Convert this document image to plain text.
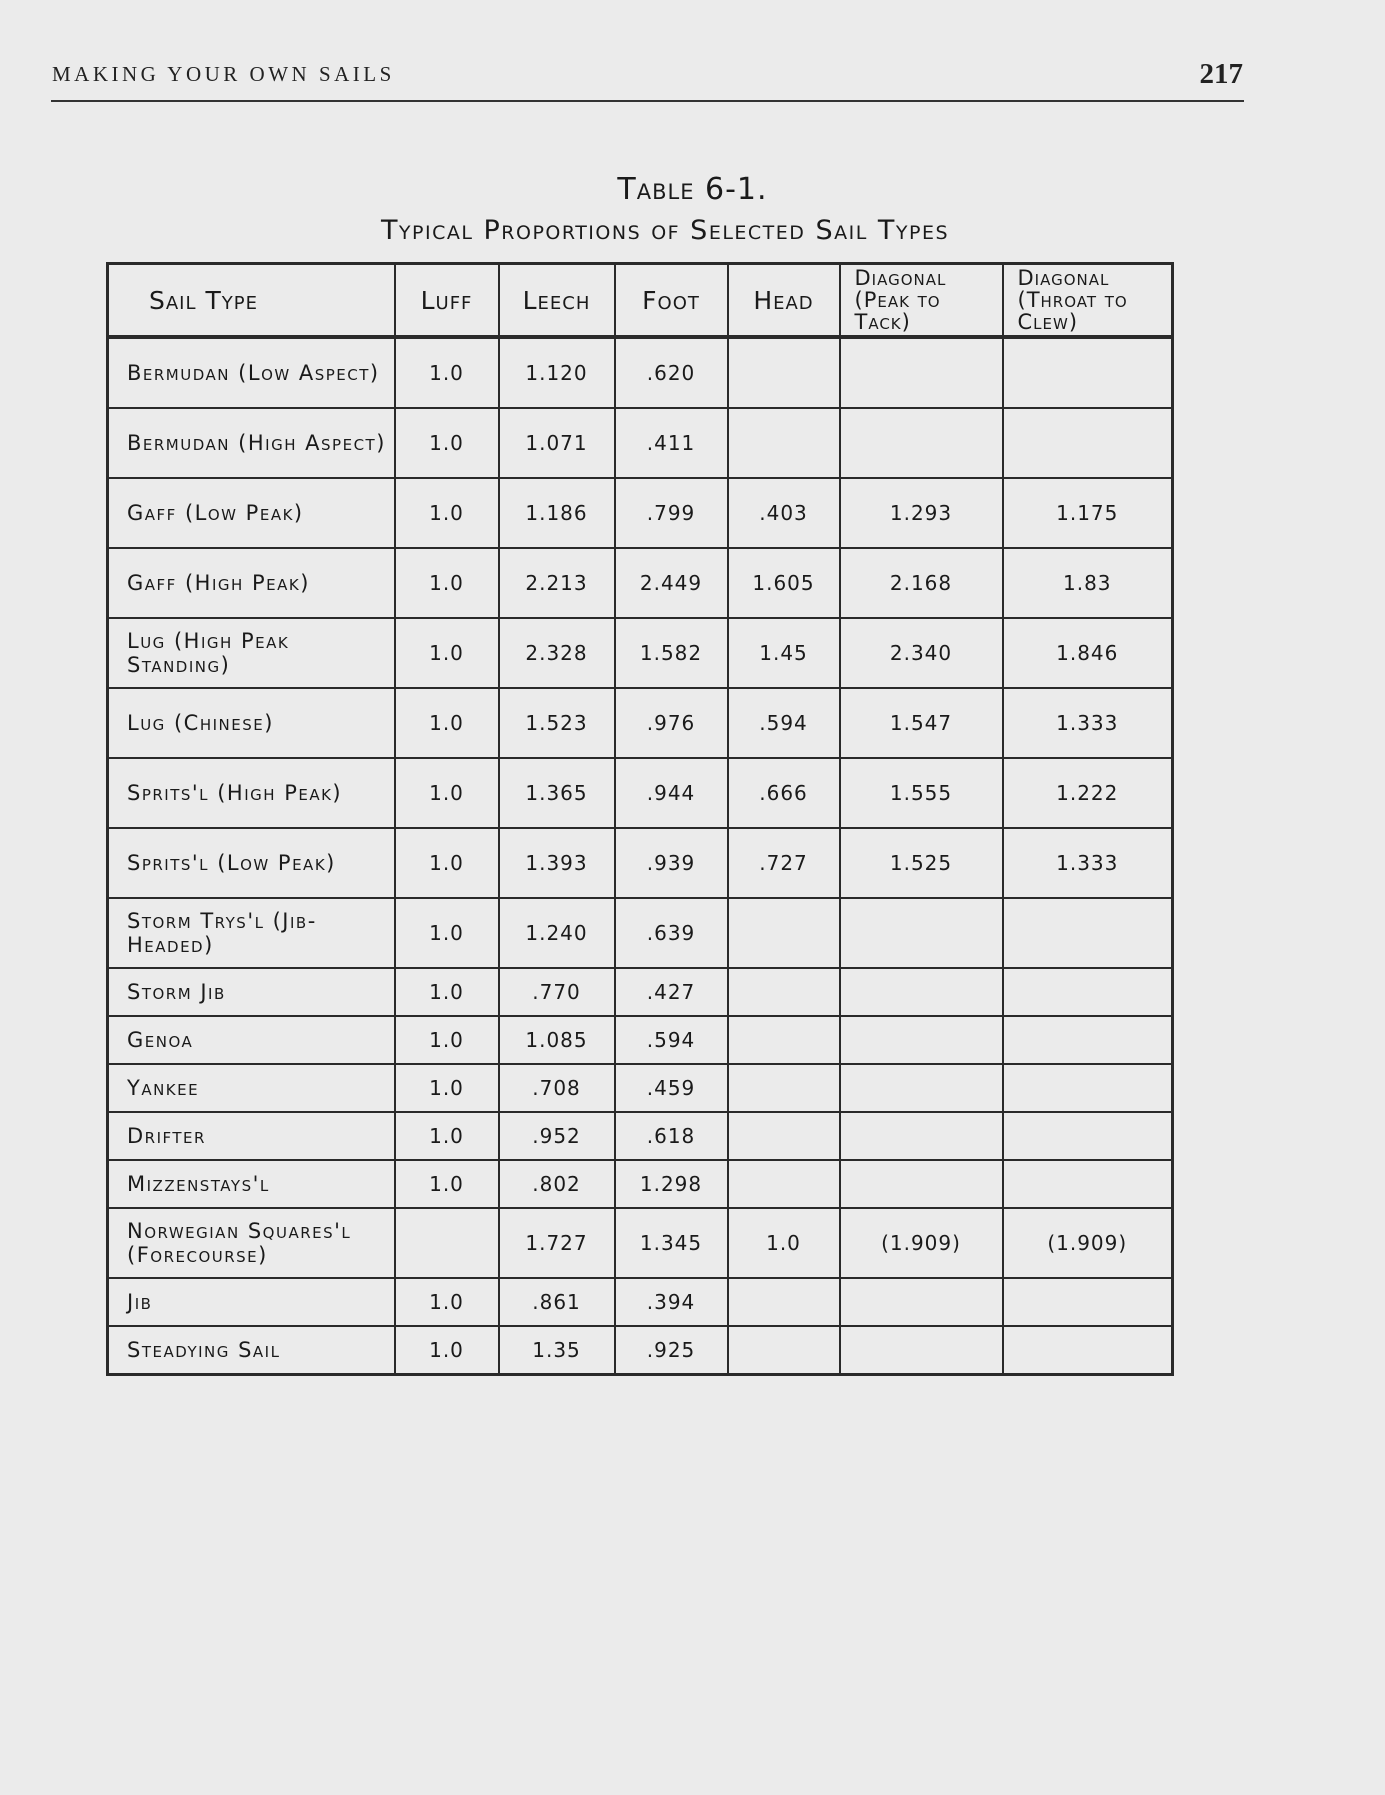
MAKING YOUR OWN SAILS	217
Table 6-1.
Typical Proportions of Selected Sail Types
Sail Type	Luff	Leech	Foot	Head	Diagonal (Peak to Tack)	Diagonal (Throat to Clew)
Bermudan (Low Aspect)	1.0	1.120	.620			
Bermudan (High Aspect)	1.0	1.071	.411			
Gaff (Low Peak)	1.0	1.186	.799	.403	1.293	1.175
Gaff (High Peak)	1.0	2.213	2.449	1.605	2.168	1.83
Lug (High Peak Standing)	1.0	2.328	1.582	1.45	2.340	1.846
Lug (Chinese)	1.0	1.523	.976	.594	1.547	1.333
Sprits'l (High Peak)	1.0	1.365	.944	.666	1.555	1.222
Sprits'l (Low Peak)	1.0	1.393	.939	.727	1.525	1.333
Storm Trys'l (Jib-Headed)	1.0	1.240	.639			
Storm Jib	1.0	.770	.427			
Genoa	1.0	1.085	.594			
Yankee	1.0	.708	.459			
Drifter	1.0	.952	.618			
Mizzenstays'l	1.0	.802	1.298			
Norwegian Squares'l (Forecourse)		1.727	1.345	1.0	(1.909)	(1.909)
Jib	1.0	.861	.394			
Steadying Sail	1.0	1.35	.925			
